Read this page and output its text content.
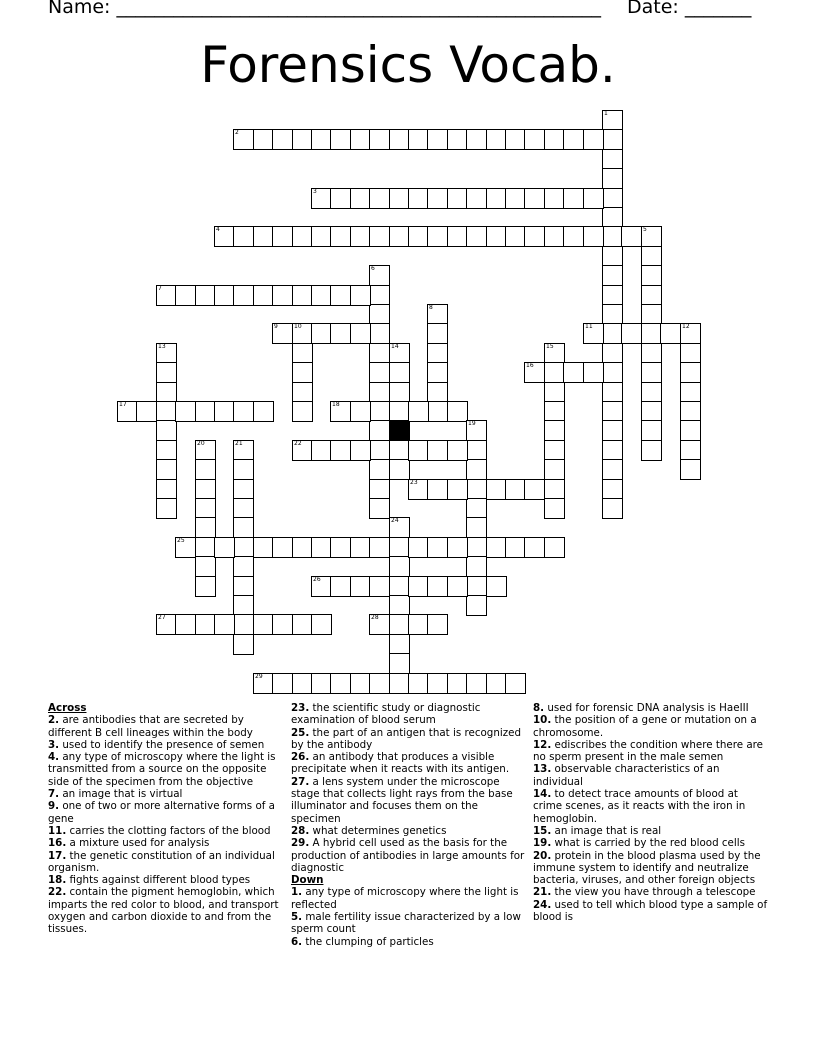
Name: ___________________________________________________ Date: _______
Forensics Vocab.
1
2
3
4	5
6
7
8
9	10	11	12
13	14	15
16
17	18
19
20	21	22
23
24
25
26
27	28
29

Across

2. are antibodies that are secreted by different B cell lineages within the body

3. used to identify the presence of semen

4. any type of microscopy where the light is transmitted from a source on the opposite side of the specimen from the objective

7. an image that is virtual

9. one of two or more alternative forms of a gene

11. carries the clotting factors of the blood

16. a mixture used for analysis

17. the genetic constitution of an individual organism.

18. fights against different blood types

22. contain the pigment hemoglobin, which imparts the red color to blood, and transport oxygen and carbon dioxide to and from the tissues.

23. the scientific study or diagnostic examination of blood serum

25. the part of an antigen that is recognized by the antibody

26. an antibody that produces a visible precipitate when it reacts with its antigen.

27. a lens system under the microscope stage that collects light rays from the base illuminator and focuses them on the specimen

28. what determines genetics

29. A hybrid cell used as the basis for the production of antibodies in large amounts for diagnostic

Down

1. any type of microscopy where the light is reflected

5. male fertility issue characterized by a low sperm count

6. the clumping of particles

8. used for forensic DNA analysis is HaeIII

10. the position of a gene or mutation on a chromosome.

12. ediscribes the condition where there are no sperm present in the male semen

13. observable characteristics of an individual

14. to detect trace amounts of blood at crime scenes, as it reacts with the iron in hemoglobin.

15. an image that is real

19. what is carried by the red blood cells

20. protein in the blood plasma used by the immune system to identify and neutralize bacteria, viruses, and other foreign objects

21. the view you have through a telescope

24. used to tell which blood type a sample of blood is
